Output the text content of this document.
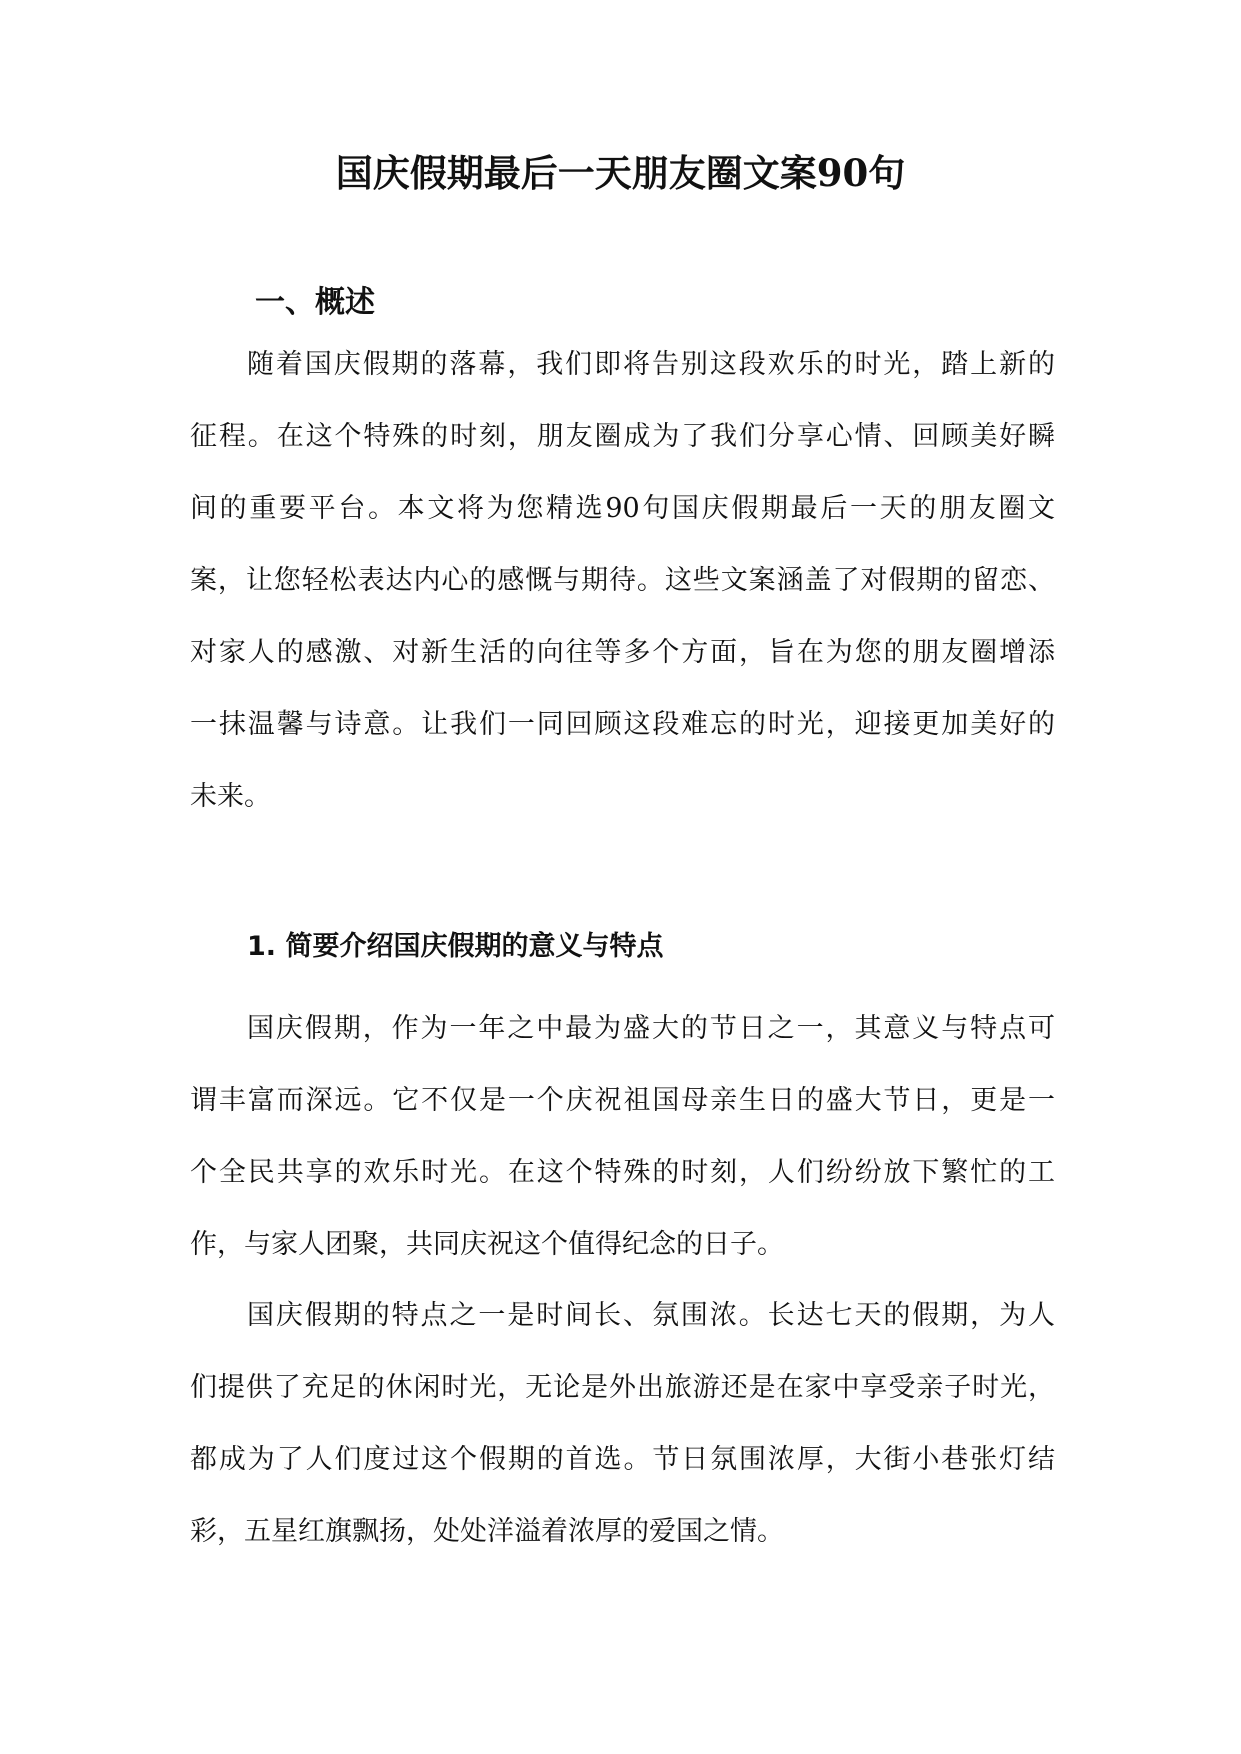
国庆假期最后一天朋友圈文案90句
一、概述

随着国庆假期的落幕，我们即将告别这段欢乐的时光，踏上新的
征程。在这个特殊的时刻，朋友圈成为了我们分享心情、回顾美好瞬
间的重要平台。本文将为您精选90句国庆假期最后一天的朋友圈文
案，让您轻松表达内心的感慨与期待。这些文案涵盖了对假期的留恋、
对家人的感激、对新生活的向往等多个方面，旨在为您的朋友圈增添
一抹温馨与诗意。让我们一同回顾这段难忘的时光，迎接更加美好的
未来。

1. 简要介绍国庆假期的意义与特点

国庆假期，作为一年之中最为盛大的节日之一，其意义与特点可
谓丰富而深远。它不仅是一个庆祝祖国母亲生日的盛大节日，更是一
个全民共享的欢乐时光。在这个特殊的时刻，人们纷纷放下繁忙的工
作，与家人团聚，共同庆祝这个值得纪念的日子。

国庆假期的特点之一是时间长、氛围浓。长达七天的假期，为人
们提供了充足的休闲时光，无论是外出旅游还是在家中享受亲子时光，
都成为了人们度过这个假期的首选。节日氛围浓厚，大街小巷张灯结
彩，五星红旗飘扬，处处洋溢着浓厚的爱国之情。
